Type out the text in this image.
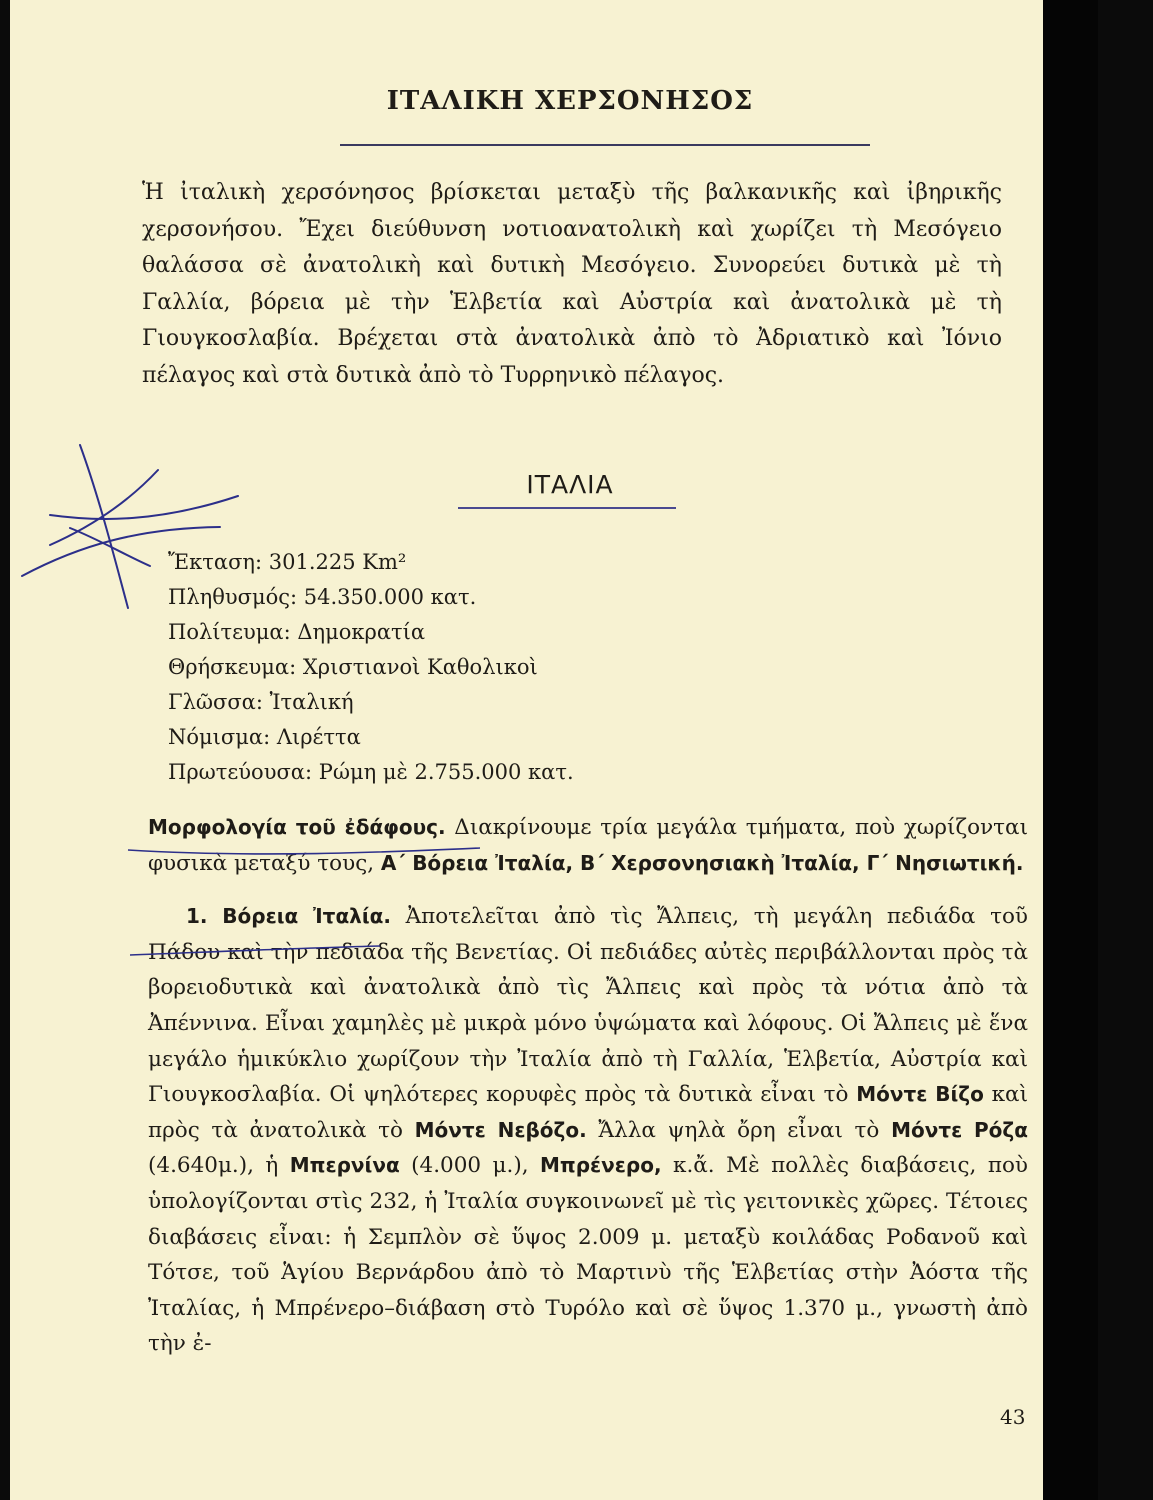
ΙΤΑΛΙΚΗ ΧΕΡΣΟΝΗΣΟΣ
Ἡ ἰταλικὴ χερσόνησος βρίσκεται μεταξὺ τῆς βαλκανικῆς καὶ ἰβηρικῆς χερσονήσου. Ἔχει διεύθυνση νοτιοανατολικὴ καὶ χωρίζει τὴ Μεσόγειο θαλάσσα σὲ ἀνατολικὴ καὶ δυτικὴ Μεσόγειο. Συνορεύει δυτικὰ μὲ τὴ Γαλλία, βόρεια μὲ τὴν Ἑλβετία καὶ Αὐστρία καὶ ἀνατολικὰ μὲ τὴ Γιουγκοσλαβία. Βρέχεται στὰ ἀνατολικὰ ἀπὸ τὸ Ἀδριατικὸ καὶ Ἰόνιο πέλαγος καὶ στὰ δυτικὰ ἀπὸ τὸ Τυρρηνικὸ πέλαγος.
ΙΤΑΛΙΑ
Ἔκταση: 301.225 Km²
Πληθυσμός: 54.350.000 κατ.
Πολίτευμα: Δημοκρατία
Θρήσκευμα: Χριστιανοὶ Καθολικοὶ
Γλῶσσα: Ἰταλική
Νόμισμα: Λιρέττα
Πρωτεύουσα: Ρώμη μὲ 2.755.000 κατ.

Μορφολογία τοῦ ἐδάφους. Διακρίνουμε τρία μεγάλα τμήματα, ποὺ χωρίζονται φυσικὰ μεταξύ τους, Α΄ Βόρεια Ἰταλία, Β΄ Χερσονησιακὴ Ἰταλία, Γ΄ Νησιωτική.

1. Βόρεια Ἰταλία. Ἀποτελεῖται ἀπὸ τὶς Ἄλπεις, τὴ μεγάλη πεδιάδα τοῦ Πάδου καὶ τὴν πεδιάδα τῆς Βενετίας. Οἱ πεδιάδες αὐτὲς περιβάλλονται πρὸς τὰ βορειοδυτικὰ καὶ ἀνατολικὰ ἀπὸ τὶς Ἄλπεις καὶ πρὸς τὰ νότια ἀπὸ τὰ Ἀπέννινα. Εἶναι χαμηλὲς μὲ μικρὰ μόνο ὑψώματα καὶ λόφους. Οἱ Ἄλπεις μὲ ἕνα μεγάλο ἡμικύκλιο χωρίζουν τὴν Ἰταλία ἀπὸ τὴ Γαλλία, Ἑλβετία, Αὐστρία καὶ Γιουγκοσλαβία. Οἱ ψηλότερες κορυφὲς πρὸς τὰ δυτικὰ εἶναι τὸ Μόντε Βίζο καὶ πρὸς τὰ ἀνατολικὰ τὸ Μόντε Νεβόζο. Ἄλλα ψηλὰ ὄρη εἶναι τὸ Μόντε Ρόζα (4.640μ.), ἡ Μπερνίνα (4.000 μ.), Μπρένερο, κ.ἄ. Μὲ πολλὲς διαβάσεις, ποὺ ὑπολογίζονται στὶς 232, ἡ Ἰταλία συγκοινωνεῖ μὲ τὶς γειτονικὲς χῶρες. Τέτοιες διαβάσεις εἶναι: ἡ Σεμπλὸν σὲ ὕψος 2.009 μ. μεταξὺ κοιλάδας Ροδανοῦ καὶ Τότσε, τοῦ Ἁγίου Βερνάρδου ἀπὸ τὸ Μαρτινὺ τῆς Ἑλβετίας στὴν Ἀόστα τῆς Ἰταλίας, ἡ Μπρένερο–διάβαση στὸ Τυρόλο καὶ σὲ ὕψος 1.370 μ., γνωστὴ ἀπὸ τὴν ἐ-

43
